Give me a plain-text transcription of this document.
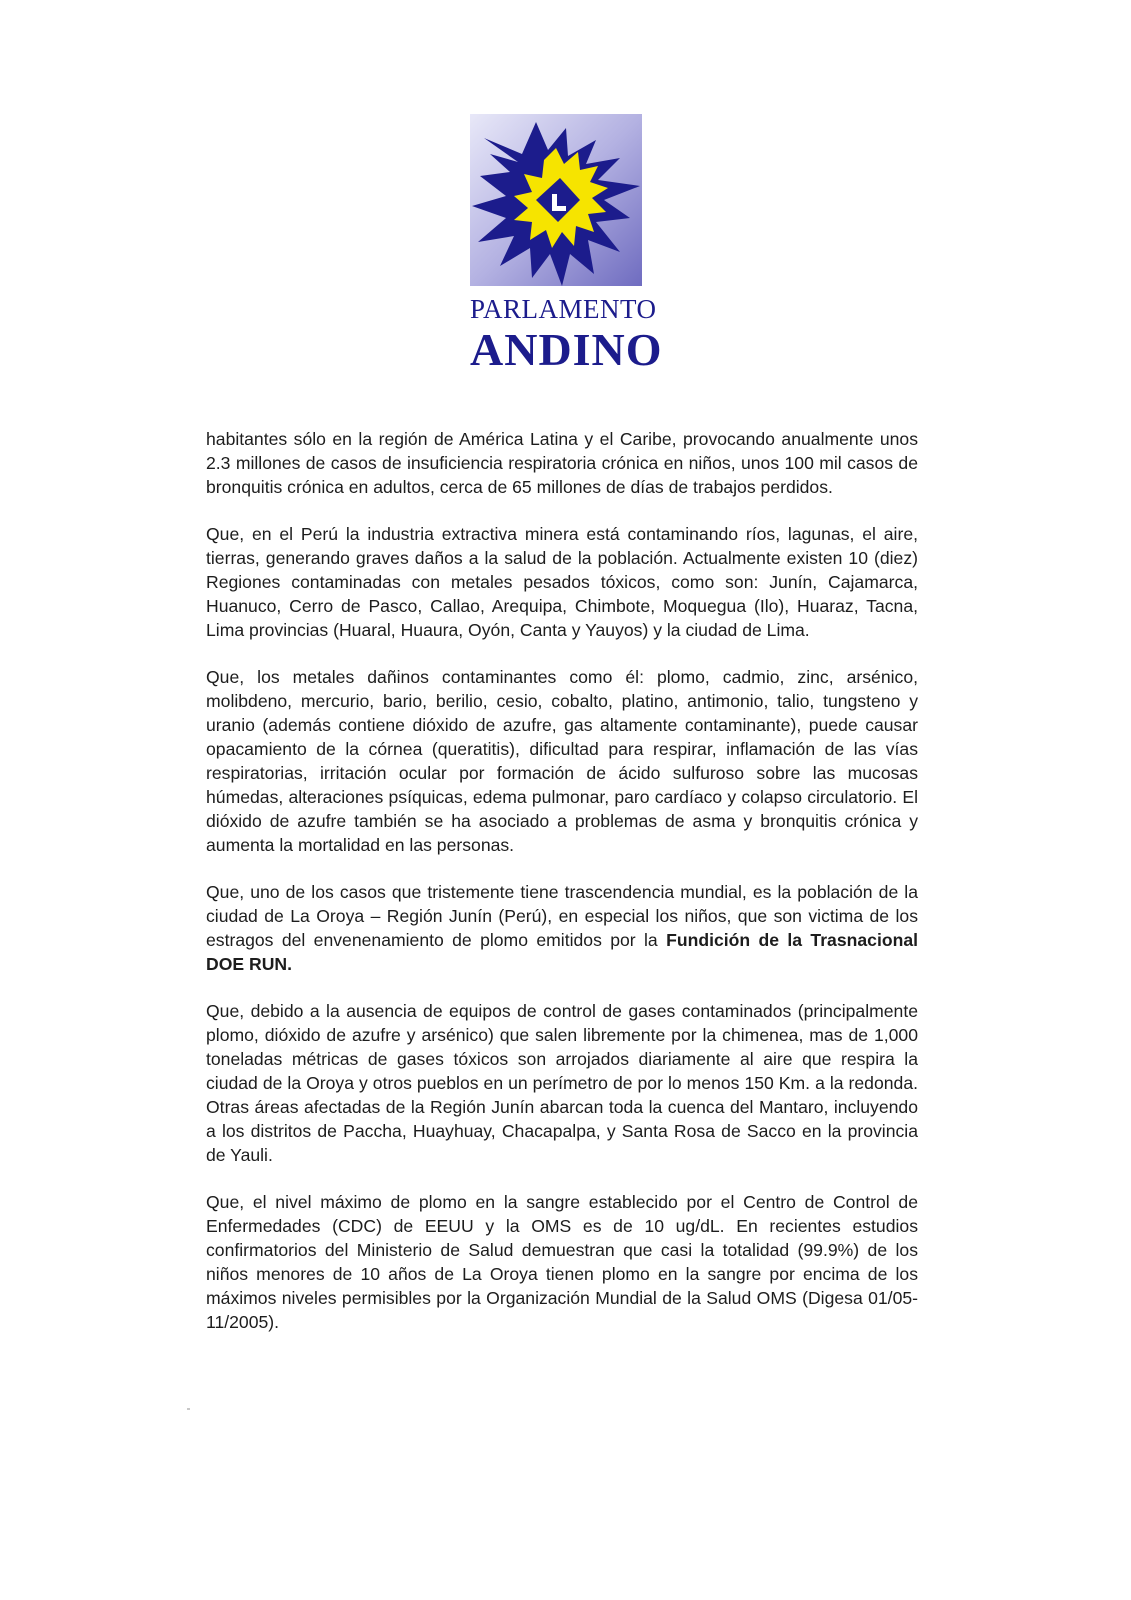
PARLAMENTO
ANDINO

habitantes sólo en la región de América Latina y el Caribe, provocando anualmente unos 2.3 millones de casos de insuficiencia respiratoria crónica en niños, unos 100 mil casos de bronquitis crónica en adultos, cerca de 65 millones de días de trabajos perdidos.

Que, en el Perú la industria extractiva minera está contaminando ríos, lagunas, el aire, tierras, generando graves daños a la salud de la población. Actualmente existen 10 (diez) Regiones contaminadas con metales pesados tóxicos, como son: Junín, Cajamarca, Huanuco, Cerro de Pasco, Callao, Arequipa, Chimbote, Moquegua (Ilo), Huaraz, Tacna, Lima provincias (Huaral, Huaura, Oyón, Canta y Yauyos) y la ciudad de Lima.

Que, los metales dañinos contaminantes como él: plomo, cadmio, zinc, arsénico, molibdeno, mercurio, bario, berilio, cesio, cobalto, platino, antimonio, talio, tungsteno y uranio (además contiene dióxido de azufre, gas altamente contaminante), puede causar opacamiento de la córnea (queratitis), dificultad para respirar, inflamación de las vías respiratorias, irritación ocular por formación de ácido sulfuroso sobre las mucosas húmedas, alteraciones psíquicas, edema pulmonar, paro cardíaco y colapso circulatorio. El dióxido de azufre también se ha asociado a problemas de asma y bronquitis crónica y aumenta la mortalidad en las personas.

Que, uno de los casos que tristemente tiene trascendencia mundial, es la población de la ciudad de La Oroya – Región Junín (Perú), en especial los niños, que son victima de los estragos del envenenamiento de plomo emitidos por la Fundición de la Trasnacional DOE RUN.

Que, debido a la ausencia de equipos de control de gases contaminados (principalmente plomo, dióxido de azufre y arsénico) que salen libremente por la chimenea, mas de 1,000 toneladas métricas de gases tóxicos son arrojados diariamente al aire que respira la ciudad de la Oroya y otros pueblos en un perímetro de por lo menos 150 Km. a la redonda. Otras áreas afectadas de la Región Junín abarcan toda la cuenca del Mantaro, incluyendo a los distritos de Paccha, Huayhuay, Chacapalpa, y Santa Rosa de Sacco en la provincia de Yauli.

Que, el nivel máximo de plomo en la sangre establecido por el Centro de Control de Enfermedades (CDC) de EEUU y la OMS es de 10 ug/dL. En recientes estudios confirmatorios del Ministerio de Salud demuestran que casi la totalidad (99.9%) de los niños menores de 10 años de La Oroya tienen plomo en la sangre por encima de los máximos niveles permisibles por la Organización Mundial de la Salud OMS (Digesa 01/05-11/2005).
